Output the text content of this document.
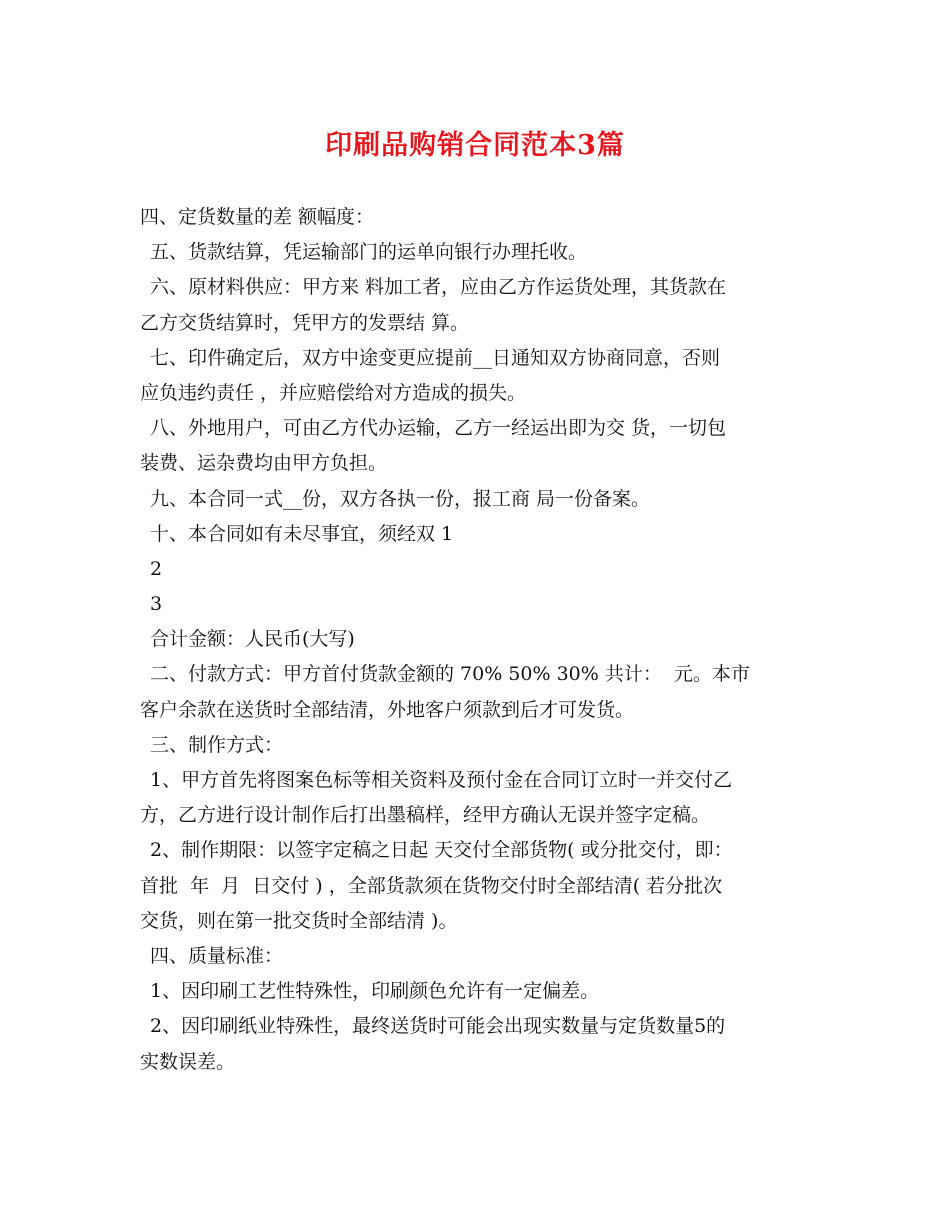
印刷品购销合同范本3篇
四、定货数量的差 额幅度：
五、货款结算，凭运输部门的运单向银行办理托收。
六、原材料供应：甲方来 料加工者，应由乙方作运货处理，其货款在
乙方交货结算时，凭甲方的发票结 算。
七、印件确定后，双方中途变更应提前__日通知双方协商同意，否则
应负违约责任 ，并应赔偿给对方造成的损失。
八、外地用户，可由乙方代办运输，乙方一经运出即为交 货，一切包
装费、运杂费均由甲方负担。
九、本合同一式__份，双方各执一份，报工商 局一份备案。
十、本合同如有未尽事宜，须经双 1
2
3
合计金额：人民币(大写)
二、付款方式：甲方首付货款金额的 70% 50% 30% 共计：  元。本市
客户余款在送货时全部结清，外地客户须款到后才可发货。
三、制作方式：
1、甲方首先将图案色标等相关资料及预付金在合同订立时一并交付乙
方，乙方进行设计制作后打出墨稿样，经甲方确认无误并签字定稿。
2、制作期限：以签字定稿之日起 天交付全部货物( 或分批交付，即：
首批  年  月  日交付 ) ，全部货款须在货物交付时全部结清( 若分批次
交货，则在第一批交货时全部结清 )。
四、质量标准：
1、因印刷工艺性特殊性，印刷颜色允许有一定偏差。
2、因印刷纸业特殊性，最终送货时可能会出现实数量与定货数量5的
实数误差。
